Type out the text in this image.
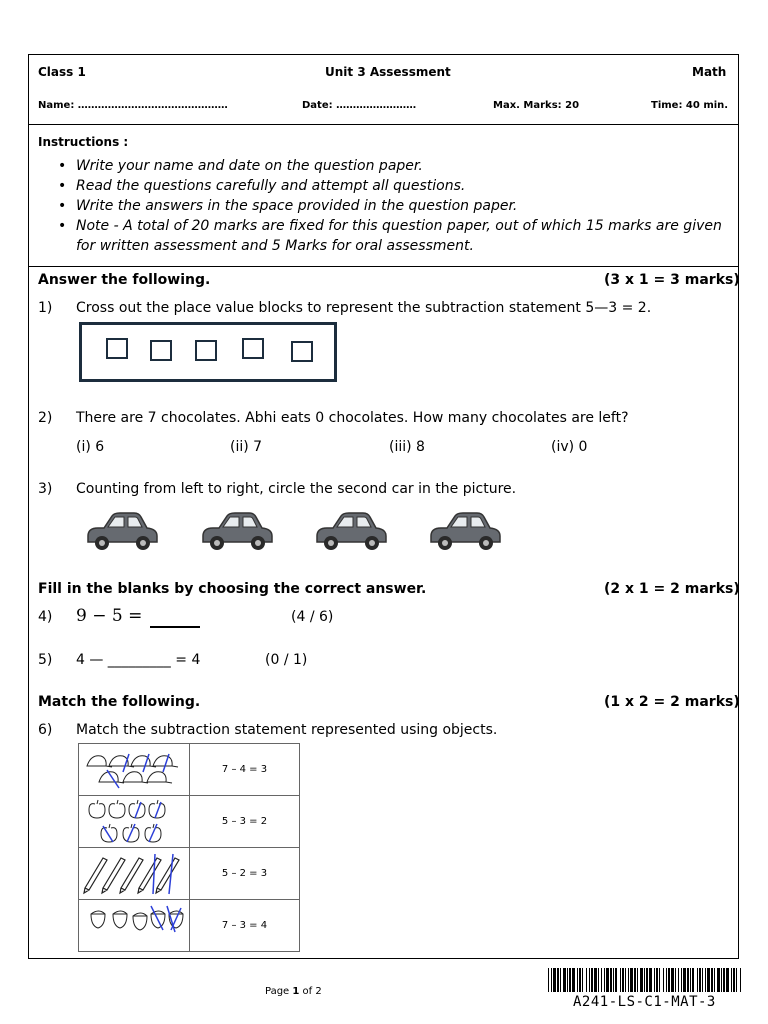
Class 1	Unit 3 Assessment	Math
Name: ………………………………………	Date: ……………………	Max. Marks: 20	Time: 40 min.
Instructions :
• Write your name and date on the question paper.
• Read the questions carefully and attempt all questions.
• Write the answers in the space provided in the question paper.
• Note - A total of 20 marks are fixed for this question paper, out of which 15 marks are given for written assessment and 5 Marks for oral assessment.
Answer the following.	(3 x 1 = 3 marks)
1) Cross out the place value blocks to represent the subtraction statement 5—3 = 2.
2) There are 7 chocolates. Abhi eats 0 chocolates. How many chocolates are left?
(i) 6	(ii) 7	(iii) 8	(iv) 0
3) Counting from left to right, circle the second car in the picture.
Fill in the blanks by choosing the correct answer.	(2 x 1 = 2 marks)
4) 9 − 5 =	(4 / 6)
5) 4 — _________ = 4	(0 / 1)
Match the following.	(1 x 2 = 2 marks)
6) Match the subtraction statement represented using objects.
	7 – 4 = 3
	5 – 3 = 2
	5 – 2 = 3
	7 – 3 = 4
Page 1 of 2
A241-LS-C1-MAT-3
